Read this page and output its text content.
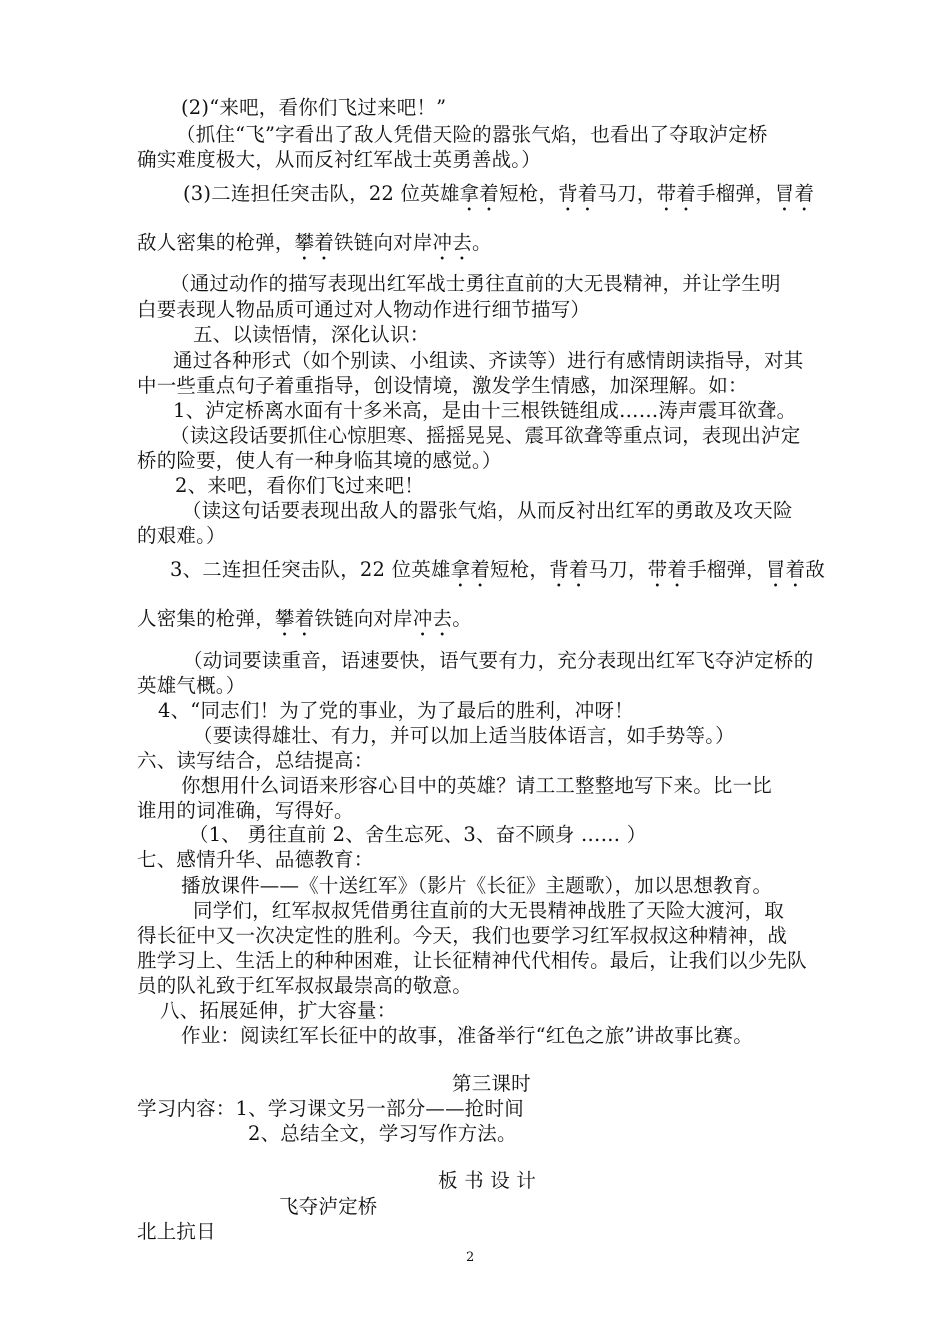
(2)“来吧，看你们飞过来吧！”
（抓住“飞”字看出了敌人凭借天险的嚣张气焰，也看出了夺取泸定桥
确实难度极大，从而反衬红军战士英勇善战。）
(3)二连担任突击队，22 位英雄拿着短枪，背着马刀，带着手榴弹，冒着
敌人密集的枪弹，攀着铁链向对岸冲去。
（通过动作的描写表现出红军战士勇往直前的大无畏精神，并让学生明
白要表现人物品质可通过对人物动作进行细节描写）
五、以读悟情，深化认识：
通过各种形式（如个别读、小组读、齐读等）进行有感情朗读指导，对其
中一些重点句子着重指导，创设情境，激发学生情感，加深理解。如：
1、泸定桥离水面有十多米高，是由十三根铁链组成……涛声震耳欲聋。
（读这段话要抓住心惊胆寒、摇摇晃晃、震耳欲聋等重点词，表现出泸定
桥的险要，使人有一种身临其境的感觉。）
2、来吧，看你们飞过来吧！
（读这句话要表现出敌人的嚣张气焰，从而反衬出红军的勇敢及攻天险
的艰难。）
3、二连担任突击队，22 位英雄拿着短枪，背着马刀，带着手榴弹，冒着敌
人密集的枪弹，攀着铁链向对岸冲去。
（动词要读重音，语速要快，语气要有力，充分表现出红军飞夺泸定桥的
英雄气概。）
4、“同志们！为了党的事业，为了最后的胜利，冲呀！
（要读得雄壮、有力，并可以加上适当肢体语言，如手势等。）
六、读写结合，总结提高：
你想用什么词语来形容心目中的英雄？请工工整整地写下来。比一比
谁用的词准确，写得好。
（1、 勇往直前 2、舍生忘死、3、奋不顾身 …… ）
七、感情升华、品德教育：
播放课件——《十送红军》（影片《长征》主题歌），加以思想教育。
同学们，红军叔叔凭借勇往直前的大无畏精神战胜了天险大渡河，取
得长征中又一次决定性的胜利。今天，我们也要学习红军叔叔这种精神，战
胜学习上、生活上的种种困难，让长征精神代代相传。最后，让我们以少先队
员的队礼致于红军叔叔最崇高的敬意。
八、拓展延伸，扩大容量：
作业：阅读红军长征中的故事，准备举行“红色之旅”讲故事比赛。
第三课时
学习内容：1、学习课文另一部分——抢时间
2、总结全文，学习写作方法。
板 书 设 计
飞夺泸定桥
北上抗日
2
